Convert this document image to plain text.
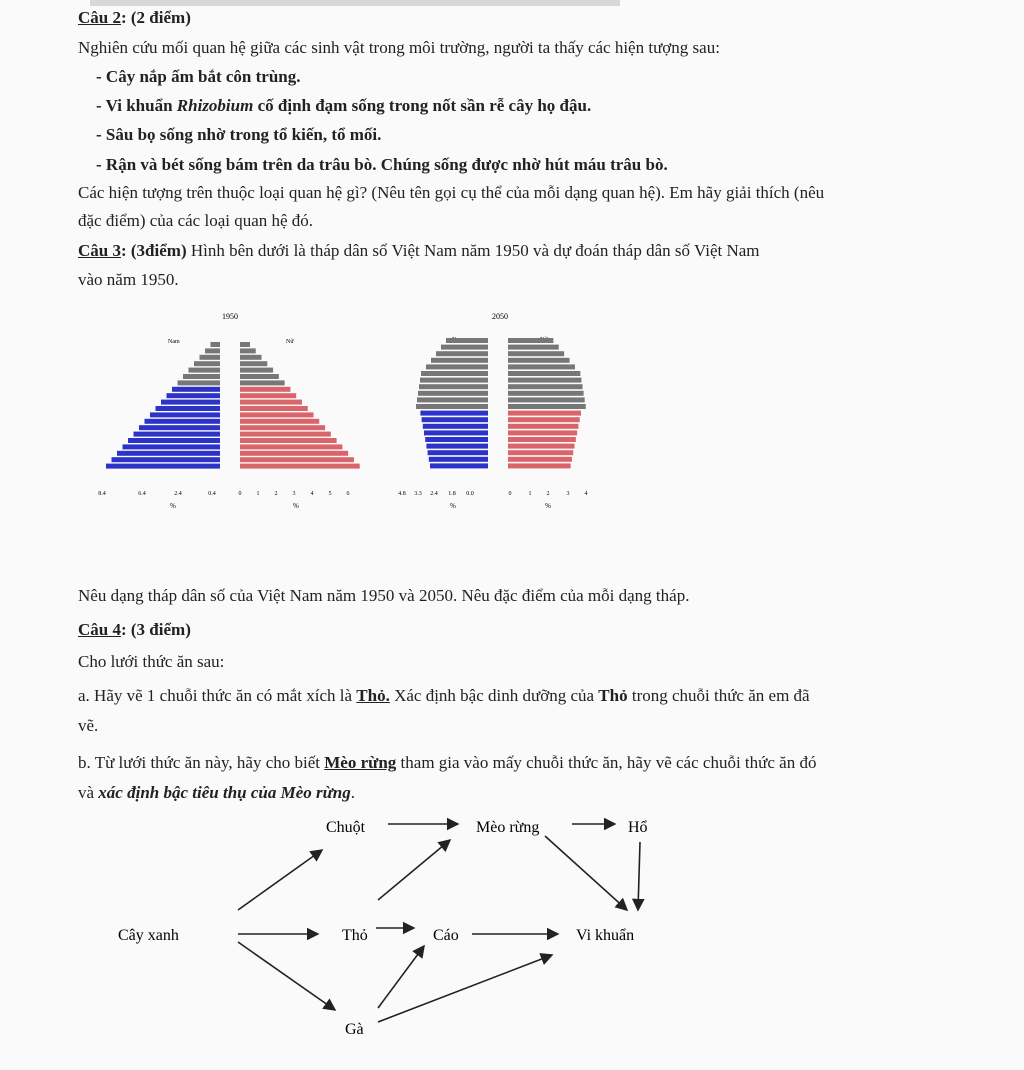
Câu 2: (2 điểm)
Nghiên cứu mối quan hệ giữa các sinh vật trong môi trường, người ta thấy các hiện tượng sau:
- Cây nắp ấm bắt côn trùng.
- Vi khuẩn Rhizobium cố định đạm sống trong nốt sần rễ cây họ đậu.
- Sâu bọ sống nhờ trong tổ kiến, tổ mối.
- Rận và bét sống bám trên da trâu bò. Chúng sống được nhờ hút máu trâu bò.
Các hiện tượng trên thuộc loại quan hệ gì? (Nêu tên gọi cụ thể của mỗi dạng quan hệ). Em hãy giải thích (nêu
đặc điểm) của các loại quan hệ đó.
Câu 3: (3điểm) Hình bên dưới là tháp dân số Việt Nam năm 1950 và dự đoán tháp dân số Việt Nam
vào năm 1950.
1950	2050
Nam	Nữ
8.4	6.4	2.4	0.4	0	1	2	3	4	5	6	4.8 3.3 2.4 1.8 0.0	0	1	2	3	4
%	%	%	%
Nêu dạng tháp dân số của Việt Nam năm 1950 và 2050. Nêu đặc điểm của mỗi dạng tháp.
Câu 4: (3 điểm)
Cho lưới thức ăn sau:
a. Hãy vẽ 1 chuỗi thức ăn có mắt xích là Thỏ. Xác định bậc dinh dưỡng của Thỏ trong chuỗi thức ăn em đã
vẽ.
b. Từ lưới thức ăn này, hãy cho biết Mèo rừng tham gia vào mấy chuỗi thức ăn, hãy vẽ các chuỗi thức ăn đó
và xác định bậc tiêu thụ của Mèo rừng.
Chuột	Mèo rừng	Hổ
Cây xanh	Thỏ	Cáo	Vi khuẩn
Gà
